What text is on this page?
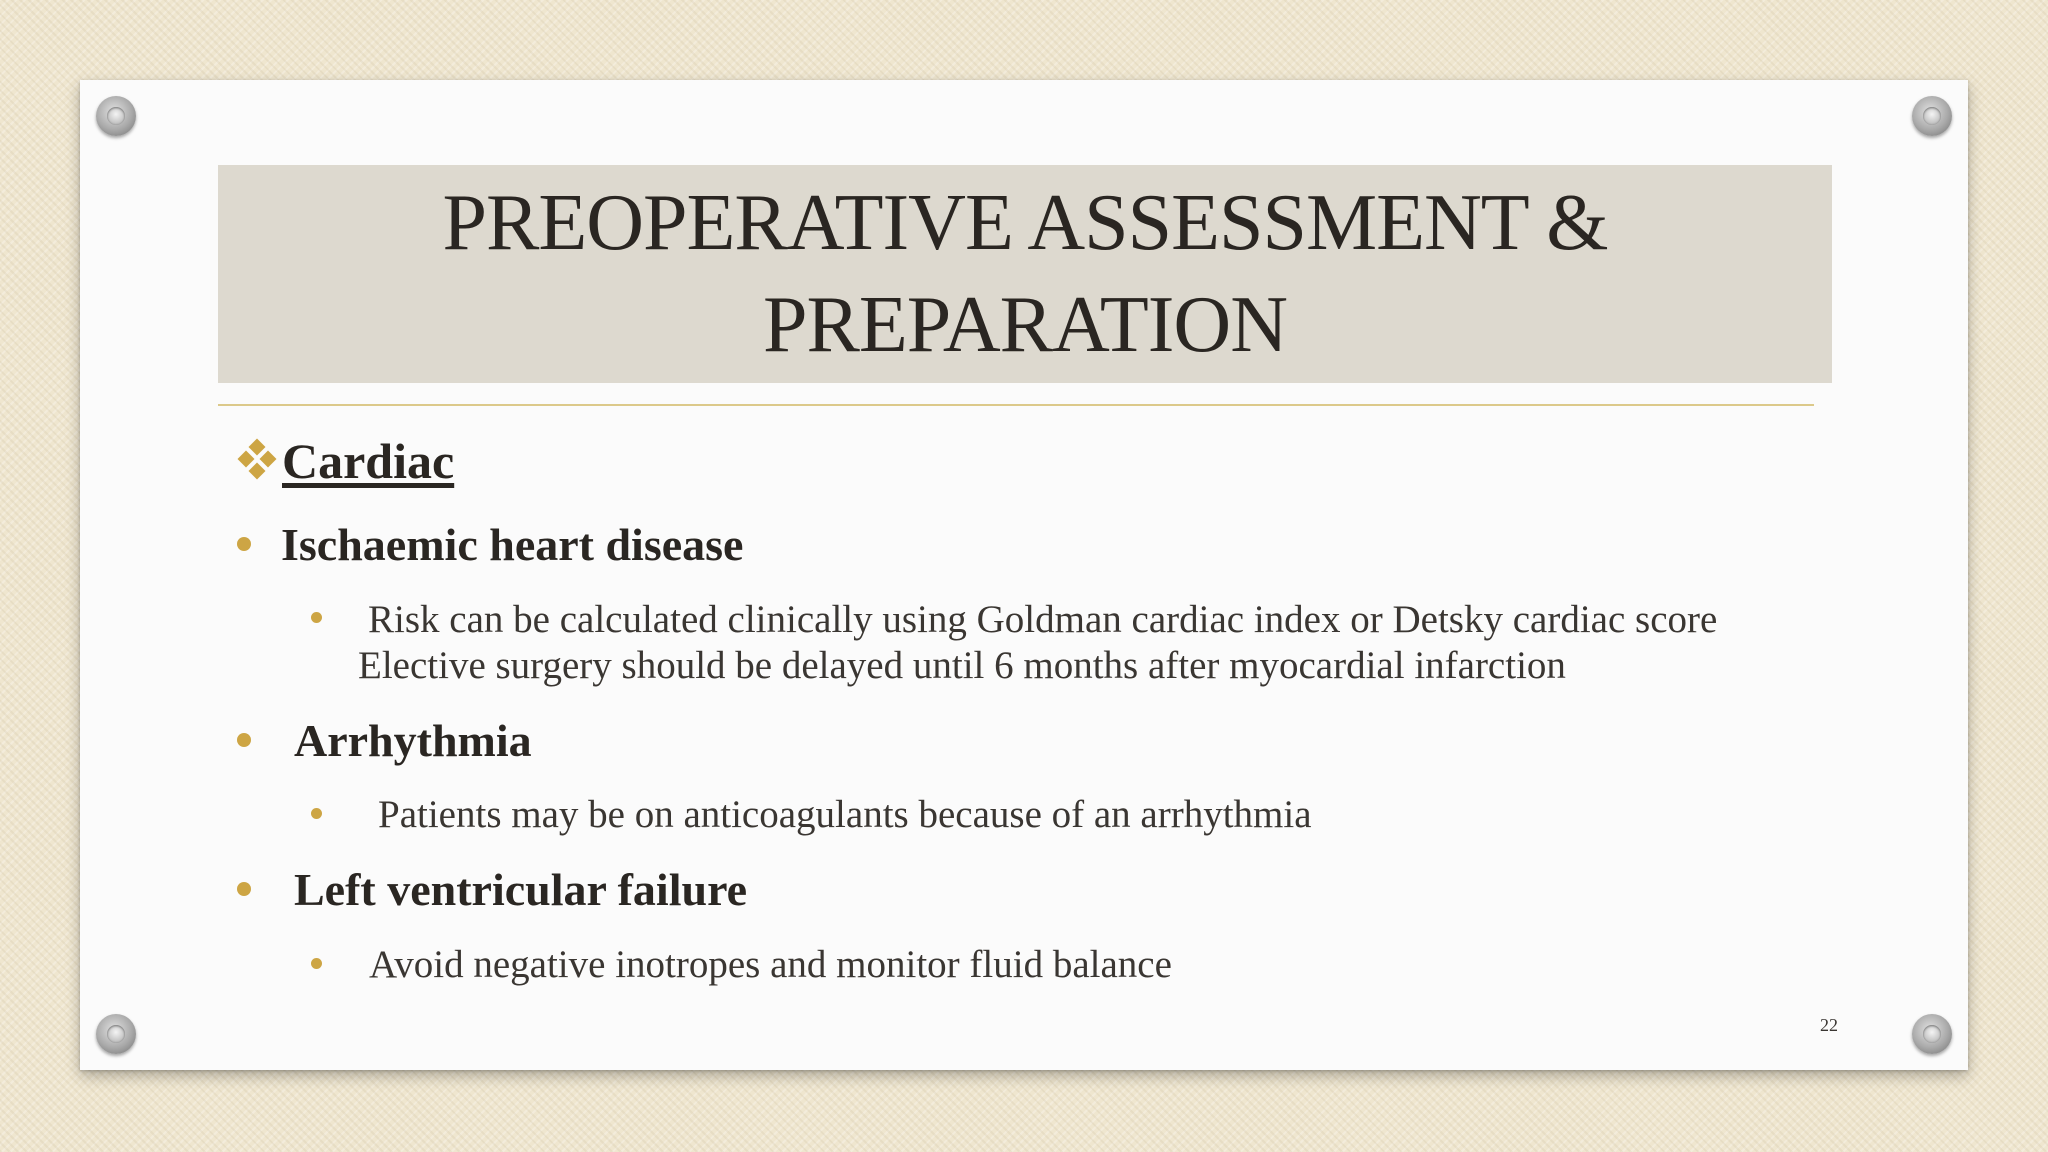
PREOPERATIVE ASSESSMENT &
PREPARATION
Cardiac
Ischaemic heart disease
Risk can be calculated clinically using Goldman cardiac index or Detsky cardiac score
Elective surgery should be delayed until 6 months after myocardial infarction
Arrhythmia
Patients may be on anticoagulants because of an arrhythmia
Left ventricular failure
Avoid negative inotropes and monitor fluid balance
22
